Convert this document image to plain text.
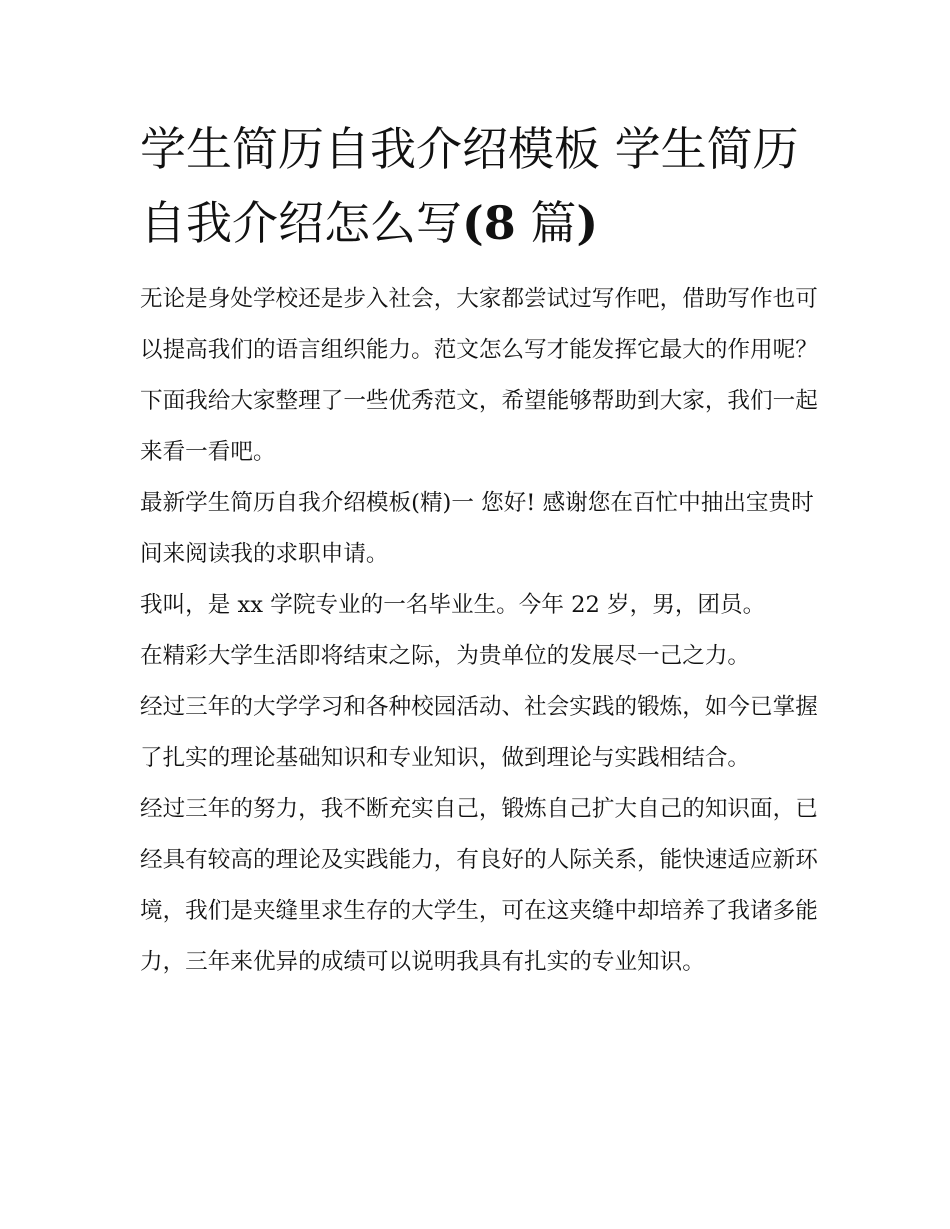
学生简历自我介绍模板 学生简历自我介绍怎么写(8 篇)

无论是身处学校还是步入社会，大家都尝试过写作吧，借助写作也可以提高我们的语言组织能力。范文怎么写才能发挥它最大的作用呢？下面我给大家整理了一些优秀范文，希望能够帮助到大家，我们一起来看一看吧。

最新学生简历自我介绍模板(精)一 您好! 感谢您在百忙中抽出宝贵时间来阅读我的求职申请。

我叫，是 xx 学院专业的一名毕业生。今年 22 岁，男，团员。

在精彩大学生活即将结束之际，为贵单位的发展尽一己之力。

经过三年的大学学习和各种校园活动、社会实践的锻炼，如今已掌握了扎实的理论基础知识和专业知识，做到理论与实践相结合。

经过三年的努力，我不断充实自己，锻炼自己扩大自己的知识面，已经具有较高的理论及实践能力，有良好的人际关系，能快速适应新环境，我们是夹缝里求生存的大学生，可在这夹缝中却培养了我诸多能力，三年来优异的成绩可以说明我具有扎实的专业知识。
